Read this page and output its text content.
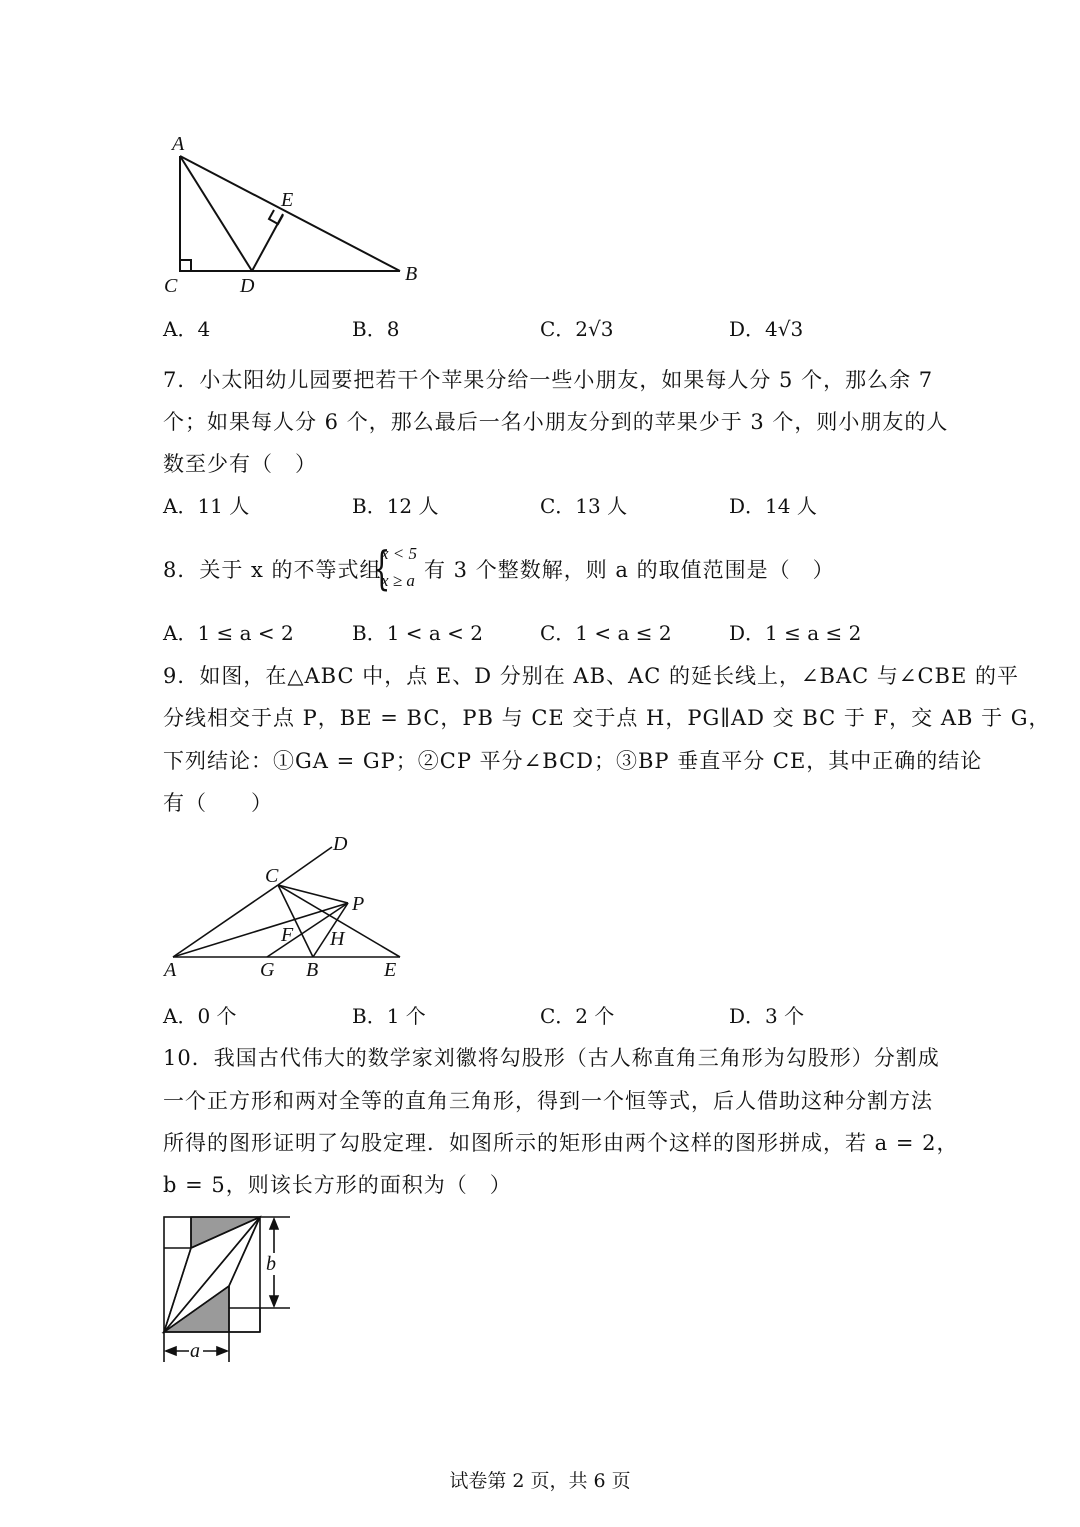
A
E
B
C	D
A．4	B．8	C．2√3	D．4√3
7．小太阳幼儿园要把若干个苹果分给一些小朋友，如果每人分 5 个，那么余 7
个；如果每人分 6 个，那么最后一名小朋友分到的苹果少于 3 个，则小朋友的人
数至少有（　）
A．11 人	B．12 人	C．13 人	D．14 人
8．关于 x 的不等式组
{
x < 5
x ≥ a 有 3 个整数解，则 a 的取值范围是（　）
A．1 ≤ a < 2	B．1 < a < 2	C．1 < a ≤ 2	D．1 ≤ a ≤ 2
9．如图，在△ABC 中，点 E、D 分别在 AB、AC 的延长线上，∠BAC 与∠CBE 的平
分线相交于点 P，BE = BC，PB 与 CE 交于点 H，PG∥AD 交 BC 于 F，交 AB 于 G，
下列结论：①GA = GP；②CP 平分∠BCD；③BP 垂直平分 CE，其中正确的结论
有（　　）
D
C
P
F H
A	G B	E
A．0 个	B．1 个	C．2 个	D．3 个
10．我国古代伟大的数学家刘徽将勾股形（古人称直角三角形为勾股形）分割成
一个正方形和两对全等的直角三角形，得到一个恒等式，后人借助这种分割方法
所得的图形证明了勾股定理．如图所示的矩形由两个这样的图形拼成，若 a = 2，
b = 5，则该长方形的面积为（　）
b
a
试卷第 2 页，共 6 页
